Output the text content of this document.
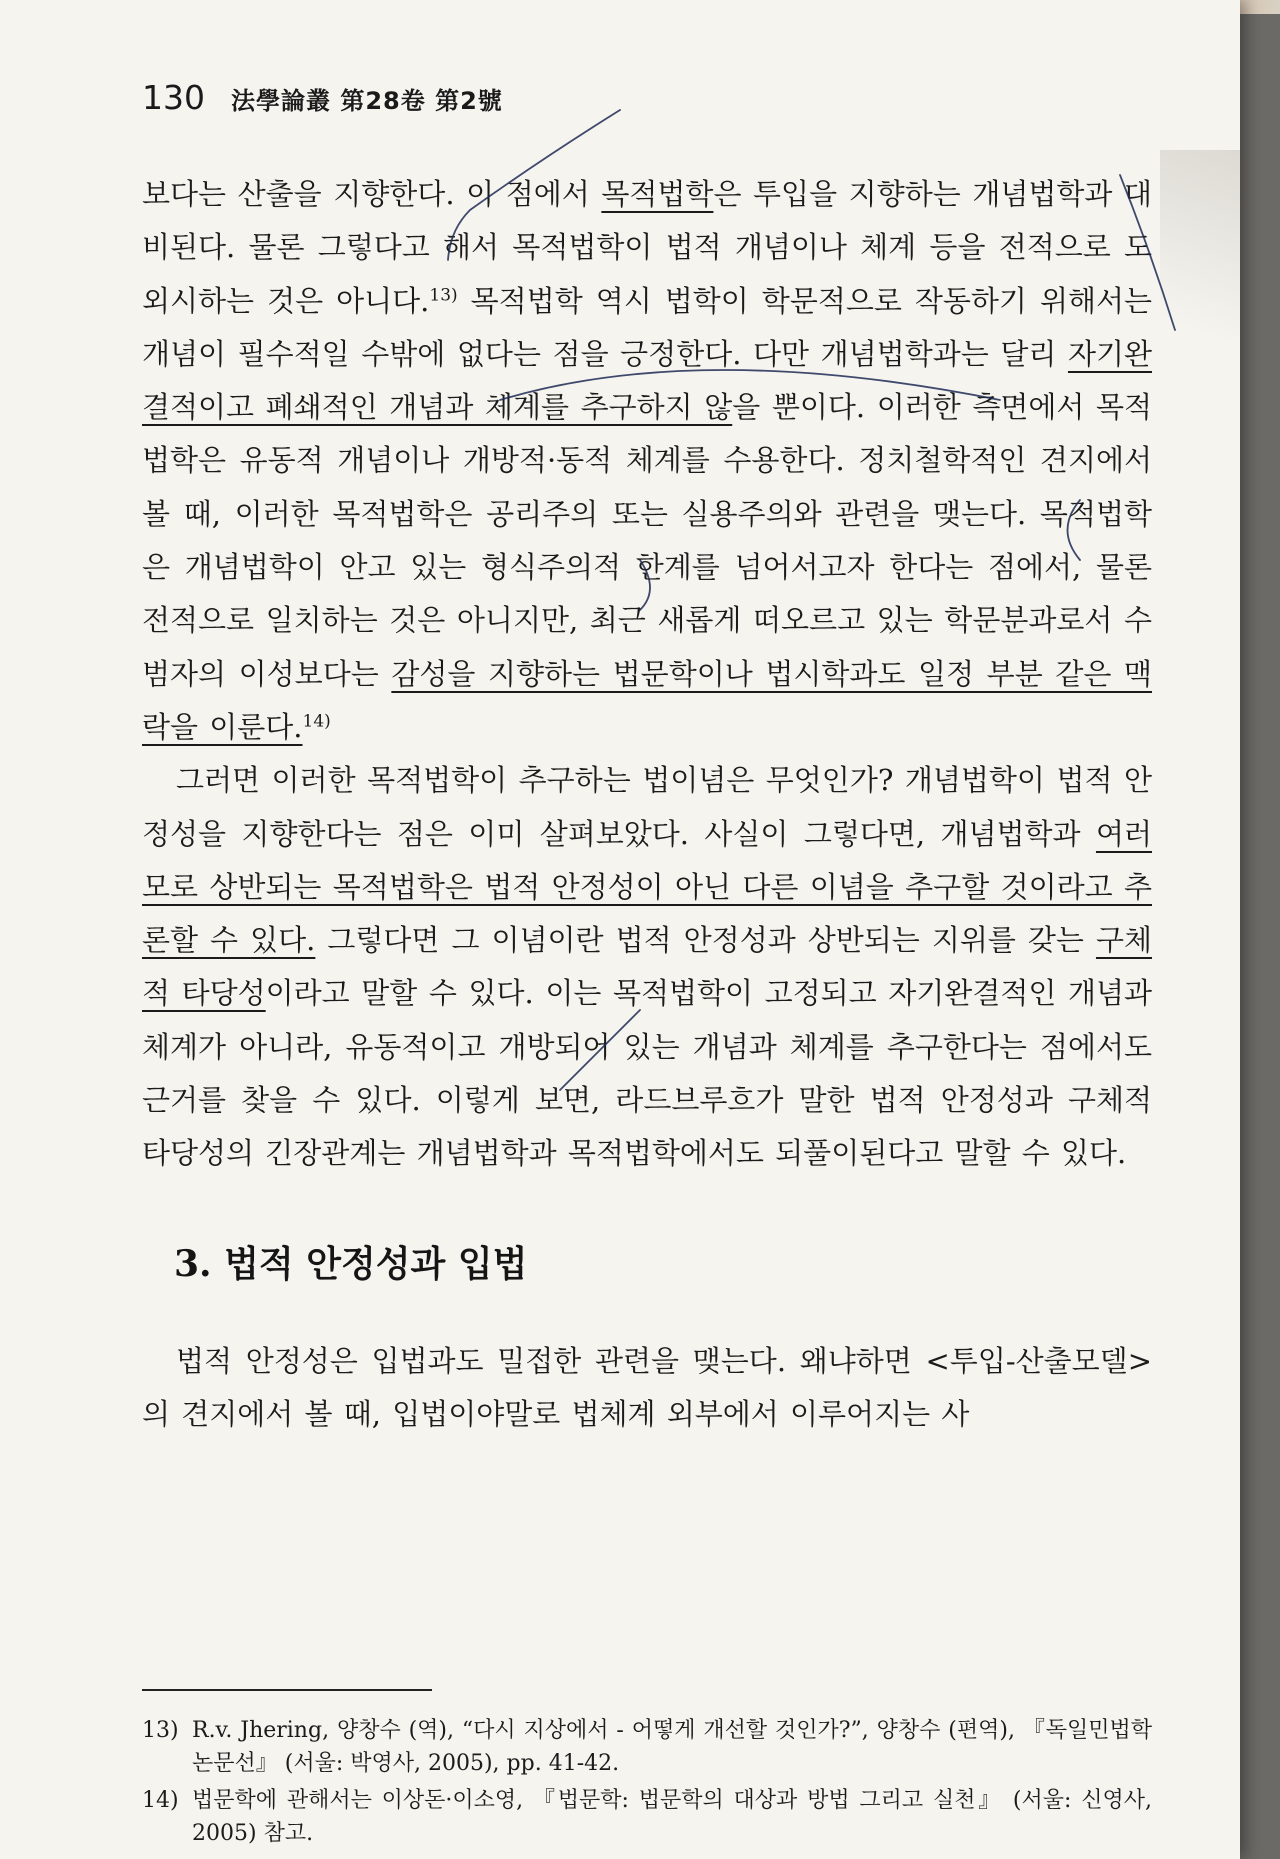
130 法學論叢 第28卷 第2號

보다는 산출을 지향한다. 이 점에서 목적법학은 투입을 지향하는 개념법학과 대비된다. 물론 그렇다고 해서 목적법학이 법적 개념이나 체계 등을 전적으로 도외시하는 것은 아니다.$^{13)}$ 목적법학 역시 법학이 학문적으로 작동하기 위해서는 개념이 필수적일 수밖에 없다는 점을 긍정한다. 다만 개념법학과는 달리 자기완결적이고 폐쇄적인 개념과 체계를 추구하지 않을 뿐이다. 이러한 측면에서 목적법학은 유동적 개념이나 개방적·동적 체계를 수용한다. 정치철학적인 견지에서 볼 때, 이러한 목적법학은 공리주의 또는 실용주의와 관련을 맺는다. 목적법학은 개념법학이 안고 있는 형식주의적 한계를 넘어서고자 한다는 점에서, 물론 전적으로 일치하는 것은 아니지만, 최근 새롭게 떠오르고 있는 학문분과로서 수범자의 이성보다는 감성을 지향하는 법문학이나 법시학과도 일정 부분 같은 맥락을 이룬다.$^{14)}$

그러면 이러한 목적법학이 추구하는 법이념은 무엇인가? 개념법학이 법적 안정성을 지향한다는 점은 이미 살펴보았다. 사실이 그렇다면, 개념법학과 여러 모로 상반되는 목적법학은 법적 안정성이 아닌 다른 이념을 추구할 것이라고 추론할 수 있다. 그렇다면 그 이념이란 법적 안정성과 상반되는 지위를 갖는 구체적 타당성이라고 말할 수 있다. 이는 목적법학이 고정되고 자기완결적인 개념과 체계가 아니라, 유동적이고 개방되어 있는 개념과 체계를 추구한다는 점에서도 근거를 찾을 수 있다. 이렇게 보면, 라드브루흐가 말한 법적 안정성과 구체적 타당성의 긴장관계는 개념법학과 목적법학에서도 되풀이된다고 말할 수 있다.

3. 법적 안정성과 입법

법적 안정성은 입법과도 밀접한 관련을 맺는다. 왜냐하면 <투입-산출모델>의 견지에서 볼 때, 입법이야말로 법체계 외부에서 이루어지는 사

13) R.v. Jhering, 양창수 (역), “다시 지상에서 - 어떻게 개선할 것인가?”, 양창수 (편역), 『독일민법학논문선』 (서울: 박영사, 2005), pp. 41-42.
14) 법문학에 관해서는 이상돈·이소영, 『법문학: 법문학의 대상과 방법 그리고 실천』 (서울: 신영사, 2005) 참고.
